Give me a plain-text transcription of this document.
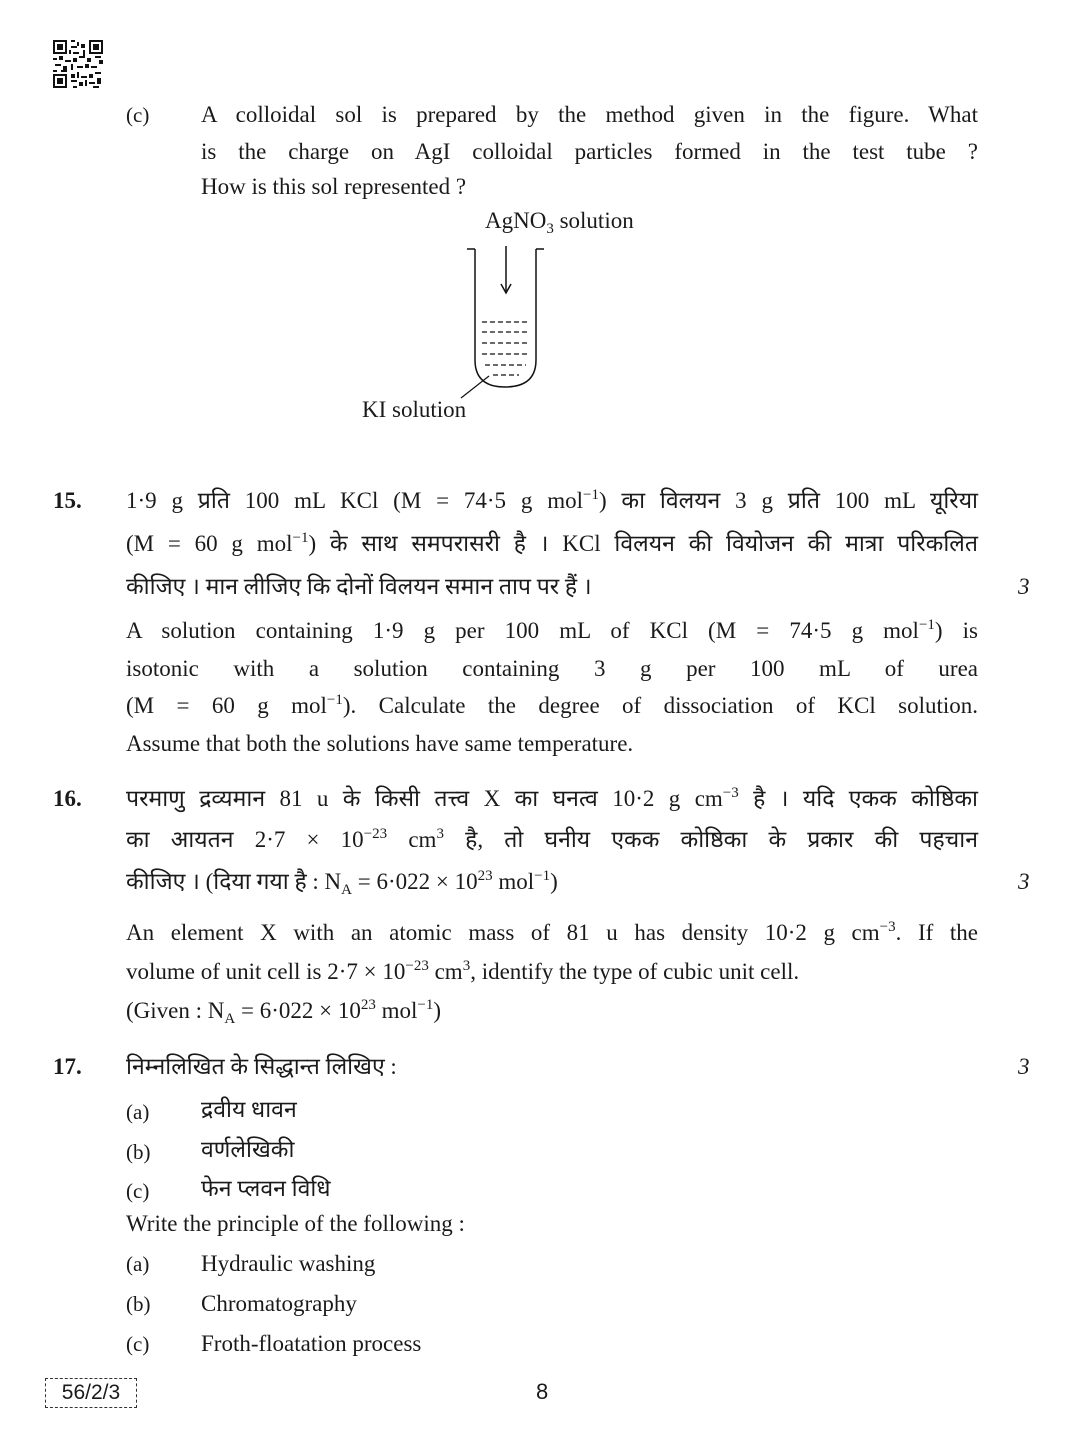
(c) A colloidal sol is prepared by the method given in the figure. What
is the charge on AgI colloidal particles formed in the test tube ?
How is this sol represented ?
AgNO$_3$ solution
KI solution
15. 1·9 g प्रति 100 mL KCl (M = 74·5 g mol$^{-1}$) का विलयन 3 g प्रति 100 mL यूरिया
(M = 60 g mol$^{-1}$) के साथ समपरासरी है । KCl विलयन की वियोजन की मात्रा परिकलित
कीजिए । मान लीजिए कि दोनों विलयन समान ताप पर हैं ।	3
A solution containing 1·9 g per 100 mL of KCl (M = 74·5 g mol$^{-1}$) is
isotonic with a solution containing 3 g per 100 mL of urea
(M = 60 g mol$^{-1}$). Calculate the degree of dissociation of KCl solution.
Assume that both the solutions have same temperature.
16. परमाणु द्रव्यमान 81 u के किसी तत्त्व X का घनत्व 10·2 g $cm^{-3}$ है । यदि एकक कोष्ठिका
का आयतन $2\cdot 7 \times 10^{-23}$ $cm^3$ है, तो घनीय एकक कोष्ठिका के प्रकार की पहचान
कीजिए । (दिया गया है : $N_A = 6\cdot 022 \times 10^{23}$ mol$^{-1}$)	3
An element X with an atomic mass of 81 u has density 10·2 g $cm^{-3}$. If the
volume of unit cell is $2\cdot 7 \times 10^{-23}$ $cm^3$, identify the type of cubic unit cell.
(Given : $N_A = 6\cdot 022 \times 10^{23}$ mol$^{-1}$)
17. निम्नलिखित के सिद्धान्त लिखिए :	3
(a) द्रवीय धावन
(b) वर्णलेखिकी
(c) फेन प्लवन विधि
Write the principle of the following :
(a) Hydraulic washing
(b) Chromatography
(c) Froth-floatation process
56/2/3	8
